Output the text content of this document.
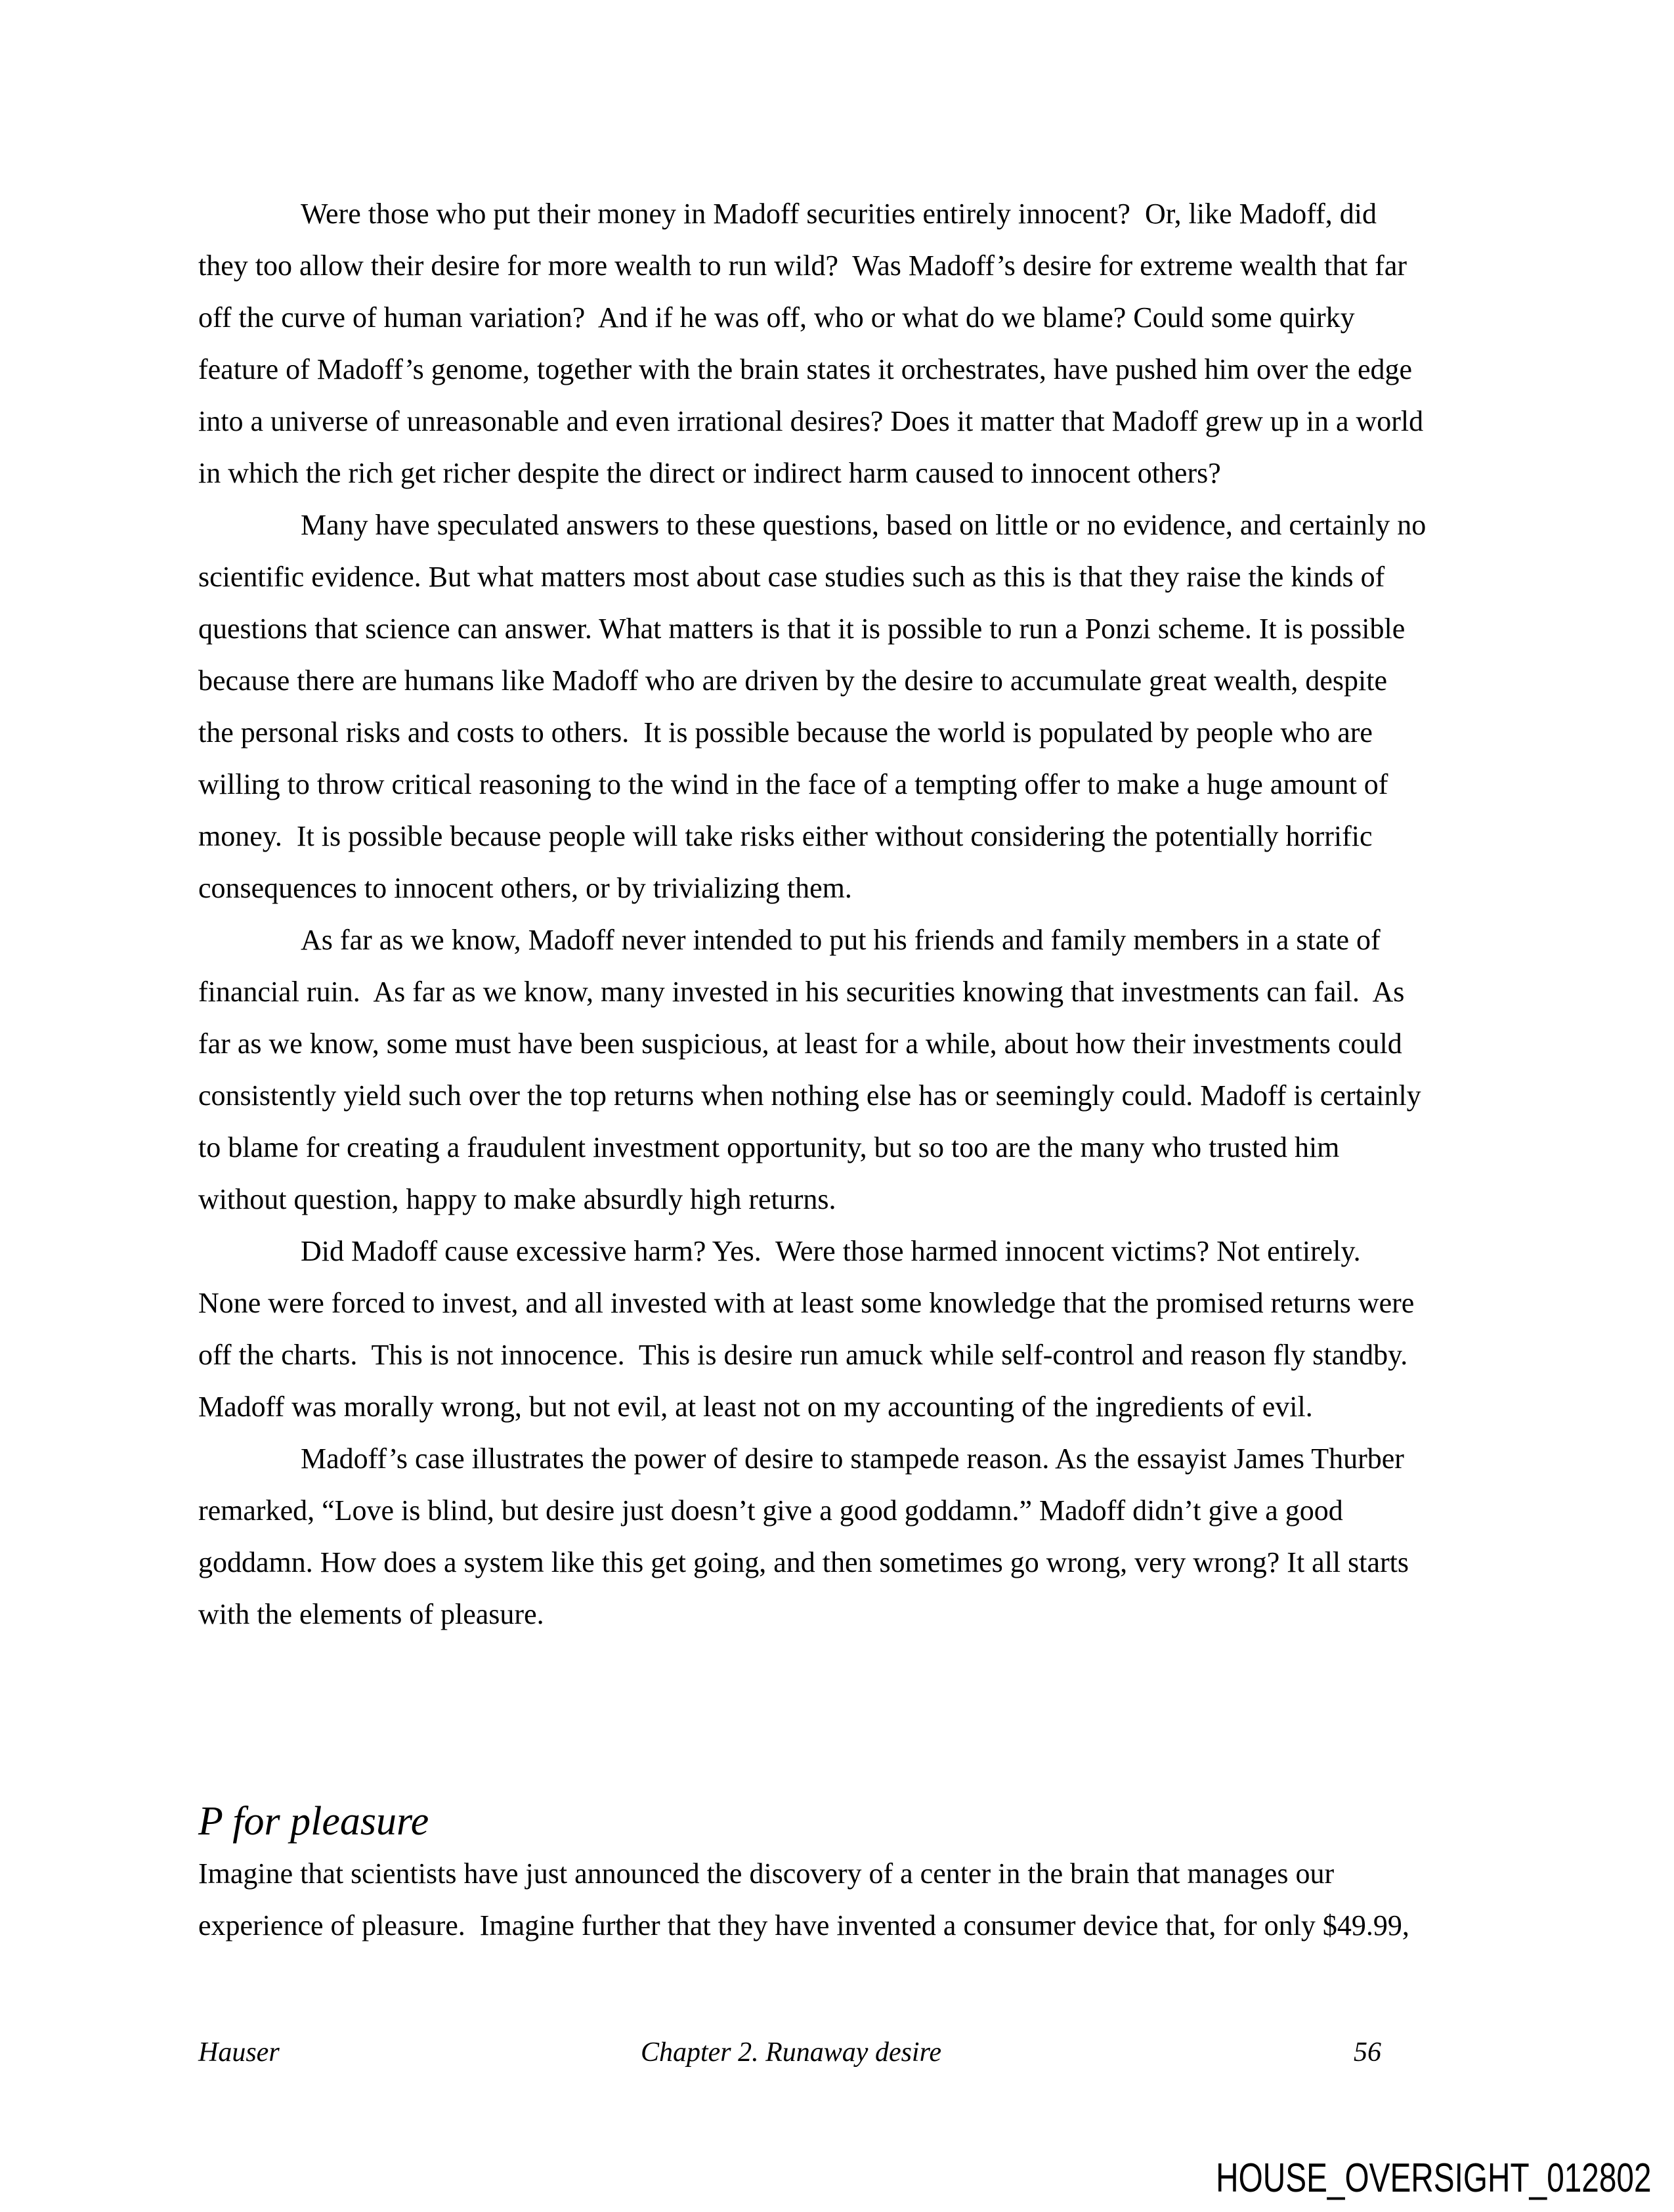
Were those who put their money in Madoff securities entirely innocent?  Or, like Madoff, did
they too allow their desire for more wealth to run wild?  Was Madoff’s desire for extreme wealth that far
off the curve of human variation?  And if he was off, who or what do we blame? Could some quirky
feature of Madoff’s genome, together with the brain states it orchestrates, have pushed him over the edge
into a universe of unreasonable and even irrational desires? Does it matter that Madoff grew up in a world
in which the rich get richer despite the direct or indirect harm caused to innocent others?
Many have speculated answers to these questions, based on little or no evidence, and certainly no
scientific evidence. But what matters most about case studies such as this is that they raise the kinds of
questions that science can answer. What matters is that it is possible to run a Ponzi scheme. It is possible
because there are humans like Madoff who are driven by the desire to accumulate great wealth, despite
the personal risks and costs to others.  It is possible because the world is populated by people who are
willing to throw critical reasoning to the wind in the face of a tempting offer to make a huge amount of
money.  It is possible because people will take risks either without considering the potentially horrific
consequences to innocent others, or by trivializing them.
As far as we know, Madoff never intended to put his friends and family members in a state of
financial ruin.  As far as we know, many invested in his securities knowing that investments can fail.  As
far as we know, some must have been suspicious, at least for a while, about how their investments could
consistently yield such over the top returns when nothing else has or seemingly could. Madoff is certainly
to blame for creating a fraudulent investment opportunity, but so too are the many who trusted him
without question, happy to make absurdly high returns.
Did Madoff cause excessive harm? Yes.  Were those harmed innocent victims? Not entirely.
None were forced to invest, and all invested with at least some knowledge that the promised returns were
off the charts.  This is not innocence.  This is desire run amuck while self-control and reason fly standby.
Madoff was morally wrong, but not evil, at least not on my accounting of the ingredients of evil.
Madoff’s case illustrates the power of desire to stampede reason. As the essayist James Thurber
remarked, “Love is blind, but desire just doesn’t give a good goddamn.” Madoff didn’t give a good
goddamn. How does a system like this get going, and then sometimes go wrong, very wrong? It all starts
with the elements of pleasure.
P for pleasure
Imagine that scientists have just announced the discovery of a center in the brain that manages our
experience of pleasure.  Imagine further that they have invented a consumer device that, for only $49.99,
Hauser	Chapter 2. Runaway desire	56
HOUSE_OVERSIGHT_012802
